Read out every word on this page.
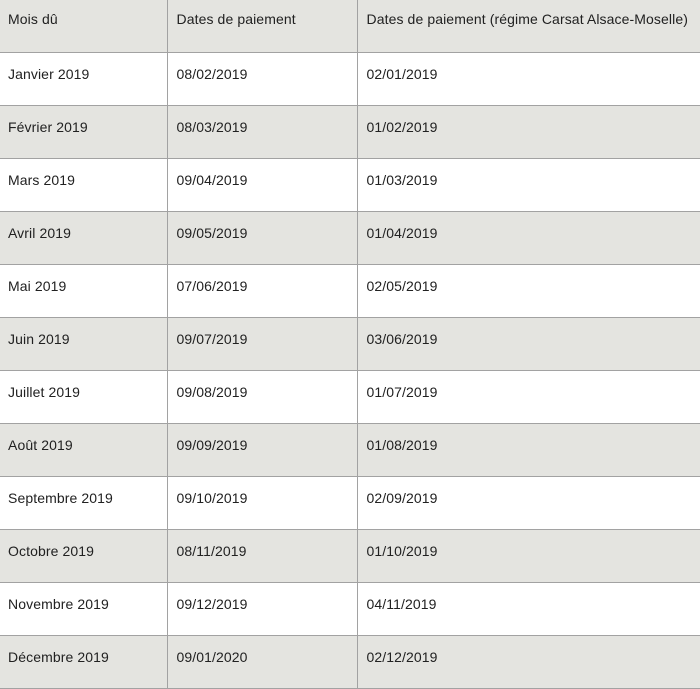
Mois dû	Dates de paiement	Dates de paiement (régime Carsat Alsace-Moselle)
Janvier 2019	08/02/2019	02/01/2019
Février 2019	08/03/2019	01/02/2019
Mars 2019	09/04/2019	01/03/2019
Avril 2019	09/05/2019	01/04/2019
Mai 2019	07/06/2019	02/05/2019
Juin 2019	09/07/2019	03/06/2019
Juillet 2019	09/08/2019	01/07/2019
Août 2019	09/09/2019	01/08/2019
Septembre 2019	09/10/2019	02/09/2019
Octobre 2019	08/11/2019	01/10/2019
Novembre 2019	09/12/2019	04/11/2019
Décembre 2019	09/01/2020	02/12/2019
